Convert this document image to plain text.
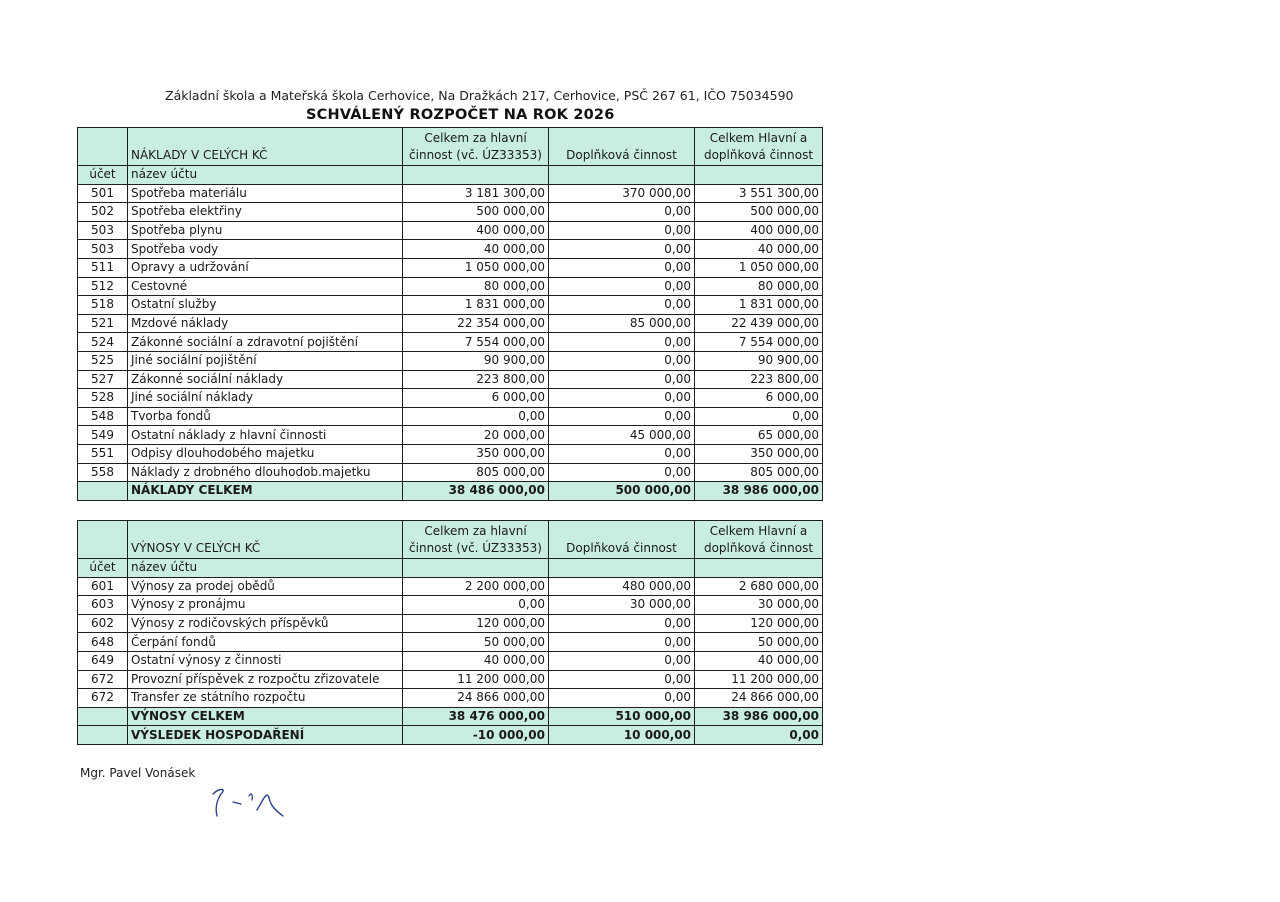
Základní škola a Mateřská škola Cerhovice, Na Dražkách 217, Cerhovice, PSČ 267 61, IČO 75034590
SCHVÁLENÝ ROZPOČET NA ROK 2026
	NÁKLADY V CELÝCH KČ	Celkem za hlavní činnost (vč. ÚZ33353)	Doplňková činnost	Celkem Hlavní a doplňková činnost
účet	název účtu			
501	Spotřeba materiálu	3 181 300,00	370 000,00	3 551 300,00
502	Spotřeba elektřiny	500 000,00	0,00	500 000,00
503	Spotřeba plynu	400 000,00	0,00	400 000,00
503	Spotřeba vody	40 000,00	0,00	40 000,00
511	Opravy a udržování	1 050 000,00	0,00	1 050 000,00
512	Cestovné	80 000,00	0,00	80 000,00
518	Ostatní služby	1 831 000,00	0,00	1 831 000,00
521	Mzdové náklady	22 354 000,00	85 000,00	22 439 000,00
524	Zákonné sociální a zdravotní pojištění	7 554 000,00	0,00	7 554 000,00
525	Jiné sociální pojištění	90 900,00	0,00	90 900,00
527	Zákonné sociální náklady	223 800,00	0,00	223 800,00
528	Jiné sociální náklady	6 000,00	0,00	6 000,00
548	Tvorba fondů	0,00	0,00	0,00
549	Ostatní náklady z hlavní činnosti	20 000,00	45 000,00	65 000,00
551	Odpisy dlouhodobého majetku	350 000,00	0,00	350 000,00
558	Náklady z drobného dlouhodob.majetku	805 000,00	0,00	805 000,00
	NÁKLADY CELKEM	38 486 000,00	500 000,00	38 986 000,00
	VÝNOSY V CELÝCH KČ	Celkem za hlavní činnost (vč. ÚZ33353)	Doplňková činnost	Celkem Hlavní a doplňková činnost
účet	název účtu			
601	Výnosy za prodej obědů	2 200 000,00	480 000,00	2 680 000,00
603	Výnosy z pronájmu	0,00	30 000,00	30 000,00
602	Výnosy z rodičovských příspěvků	120 000,00	0,00	120 000,00
648	Čerpání fondů	50 000,00	0,00	50 000,00
649	Ostatní výnosy z činnosti	40 000,00	0,00	40 000,00
672	Provozní příspěvek z rozpočtu zřizovatele	11 200 000,00	0,00	11 200 000,00
672	Transfer ze státního rozpočtu	24 866 000,00	0,00	24 866 000,00
	VÝNOSY CELKEM	38 476 000,00	510 000,00	38 986 000,00
	VÝSLEDEK HOSPODAŘENÍ	-10 000,00	10 000,00	0,00
Mgr. Pavel Vonásek
